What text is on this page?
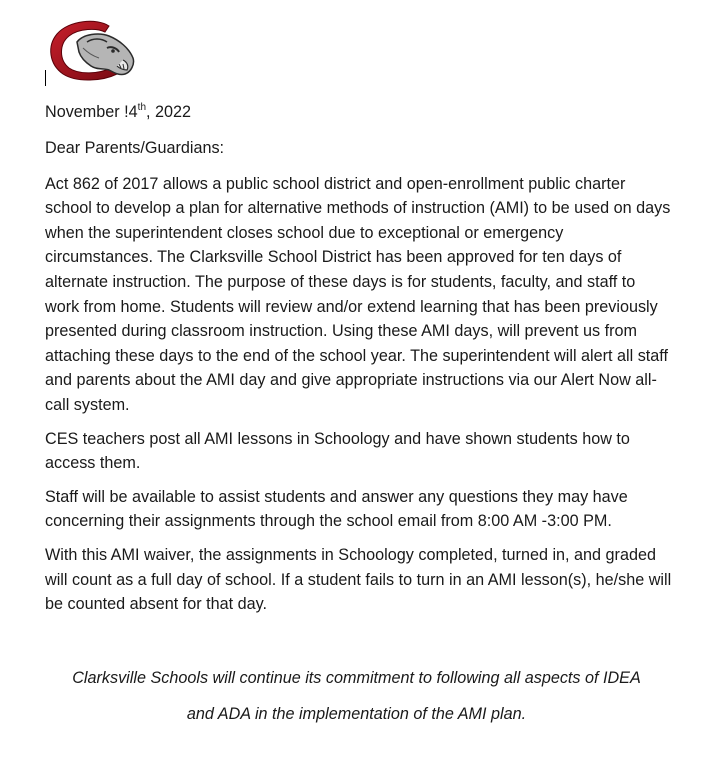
November !4th, 2022

Dear Parents/Guardians:

Act 862 of 2017 allows a public school district and open-enrollment public charter school to develop a plan for alternative methods of instruction (AMI) to be used on days when the superintendent closes school due to exceptional or emergency circumstances. The Clarksville School District has been approved for ten days of alternate instruction. The purpose of these days is for students, faculty, and staff to work from home. Students will review and/or extend learning that has been previously presented during classroom instruction. Using these AMI days, will prevent us from attaching these days to the end of the school year. The superintendent will alert all staff and parents about the AMI day and give appropriate instructions via our Alert Now all-call system.

CES teachers post all AMI lessons in Schoology and have shown students how to access them.

Staff will be available to assist students and answer any questions they may have concerning their assignments through the school email from 8:00 AM -3:00 PM.

With this AMI waiver, the assignments in Schoology completed, turned in, and graded will count as a full day of school. If a student fails to turn in an AMI lesson(s), he/she will be counted absent for that day.

Clarksville Schools will continue its commitment to following all aspects of IDEA
and ADA in the implementation of the AMI plan.
